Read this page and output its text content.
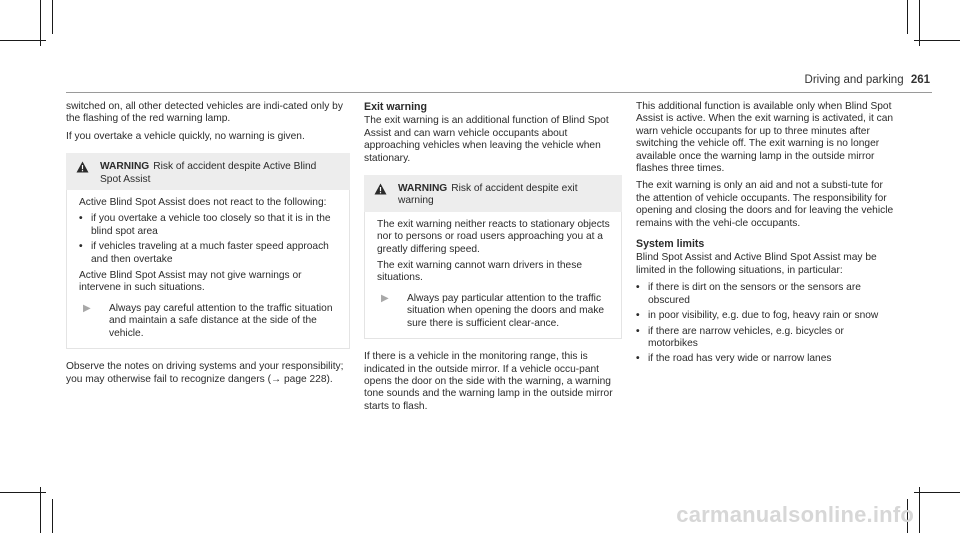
Driving and parking 261

switched on, all other detected vehicles are indi-cated only by the flashing of the red warning lamp.

If you overtake a vehicle quickly, no warning is given.

WARNING Risk of accident despite Active Blind Spot Assist

Active Blind Spot Assist does not react to the following:

• if you overtake a vehicle too closely so that it is in the blind spot area
• if vehicles traveling at a much faster speed approach and then overtake

Active Blind Spot Assist may not give warnings or intervene in such situations.

▶	Always pay careful attention to the traffic situation and maintain a safe distance at the side of the vehicle.

Observe the notes on driving systems and your responsibility; you may otherwise fail to recognize dangers (→ page 228).

Exit warning

The exit warning is an additional function of Blind Spot Assist and can warn vehicle occupants about approaching vehicles when leaving the vehicle when stationary.

WARNING Risk of accident despite exit warning

The exit warning neither reacts to stationary objects nor to persons or road users approaching you at a greatly differing speed.

The exit warning cannot warn drivers in these situations.

▶	Always pay particular attention to the traffic situation when opening the doors and make sure there is sufficient clear-ance.

If there is a vehicle in the monitoring range, this is indicated in the outside mirror. If a vehicle occu-pant opens the door on the side with the warning, a warning tone sounds and the warning lamp in the outside mirror starts to flash.

This additional function is available only when Blind Spot Assist is active. When the exit warning is activated, it can warn vehicle occupants for up to three minutes after switching the vehicle off. The exit warning is no longer available once the warning lamp in the outside mirror flashes three times.

The exit warning is only an aid and not a substi-tute for the attention of vehicle occupants. The responsibility for opening and closing the doors and for leaving the vehicle remains with the vehi-cle occupants.

System limits

Blind Spot Assist and Active Blind Spot Assist may be limited in the following situations, in particular:

• if there is dirt on the sensors or the sensors are obscured
• in poor visibility, e.g. due to fog, heavy rain or snow
• if there are narrow vehicles, e.g. bicycles or motorbikes
• if the road has very wide or narrow lanes
carmanualsonline.info
